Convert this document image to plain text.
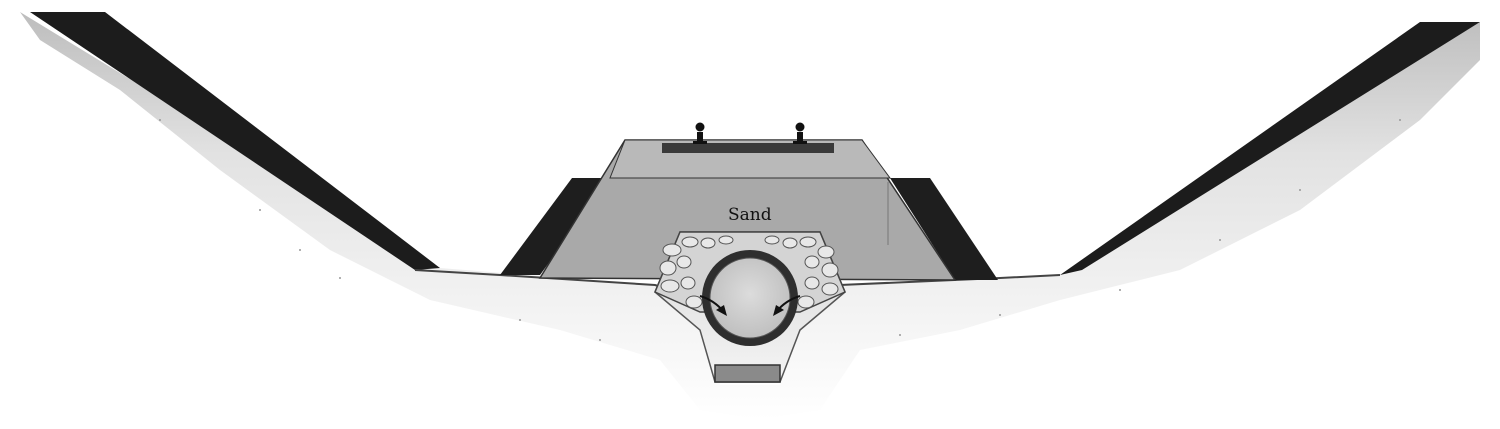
Sand
